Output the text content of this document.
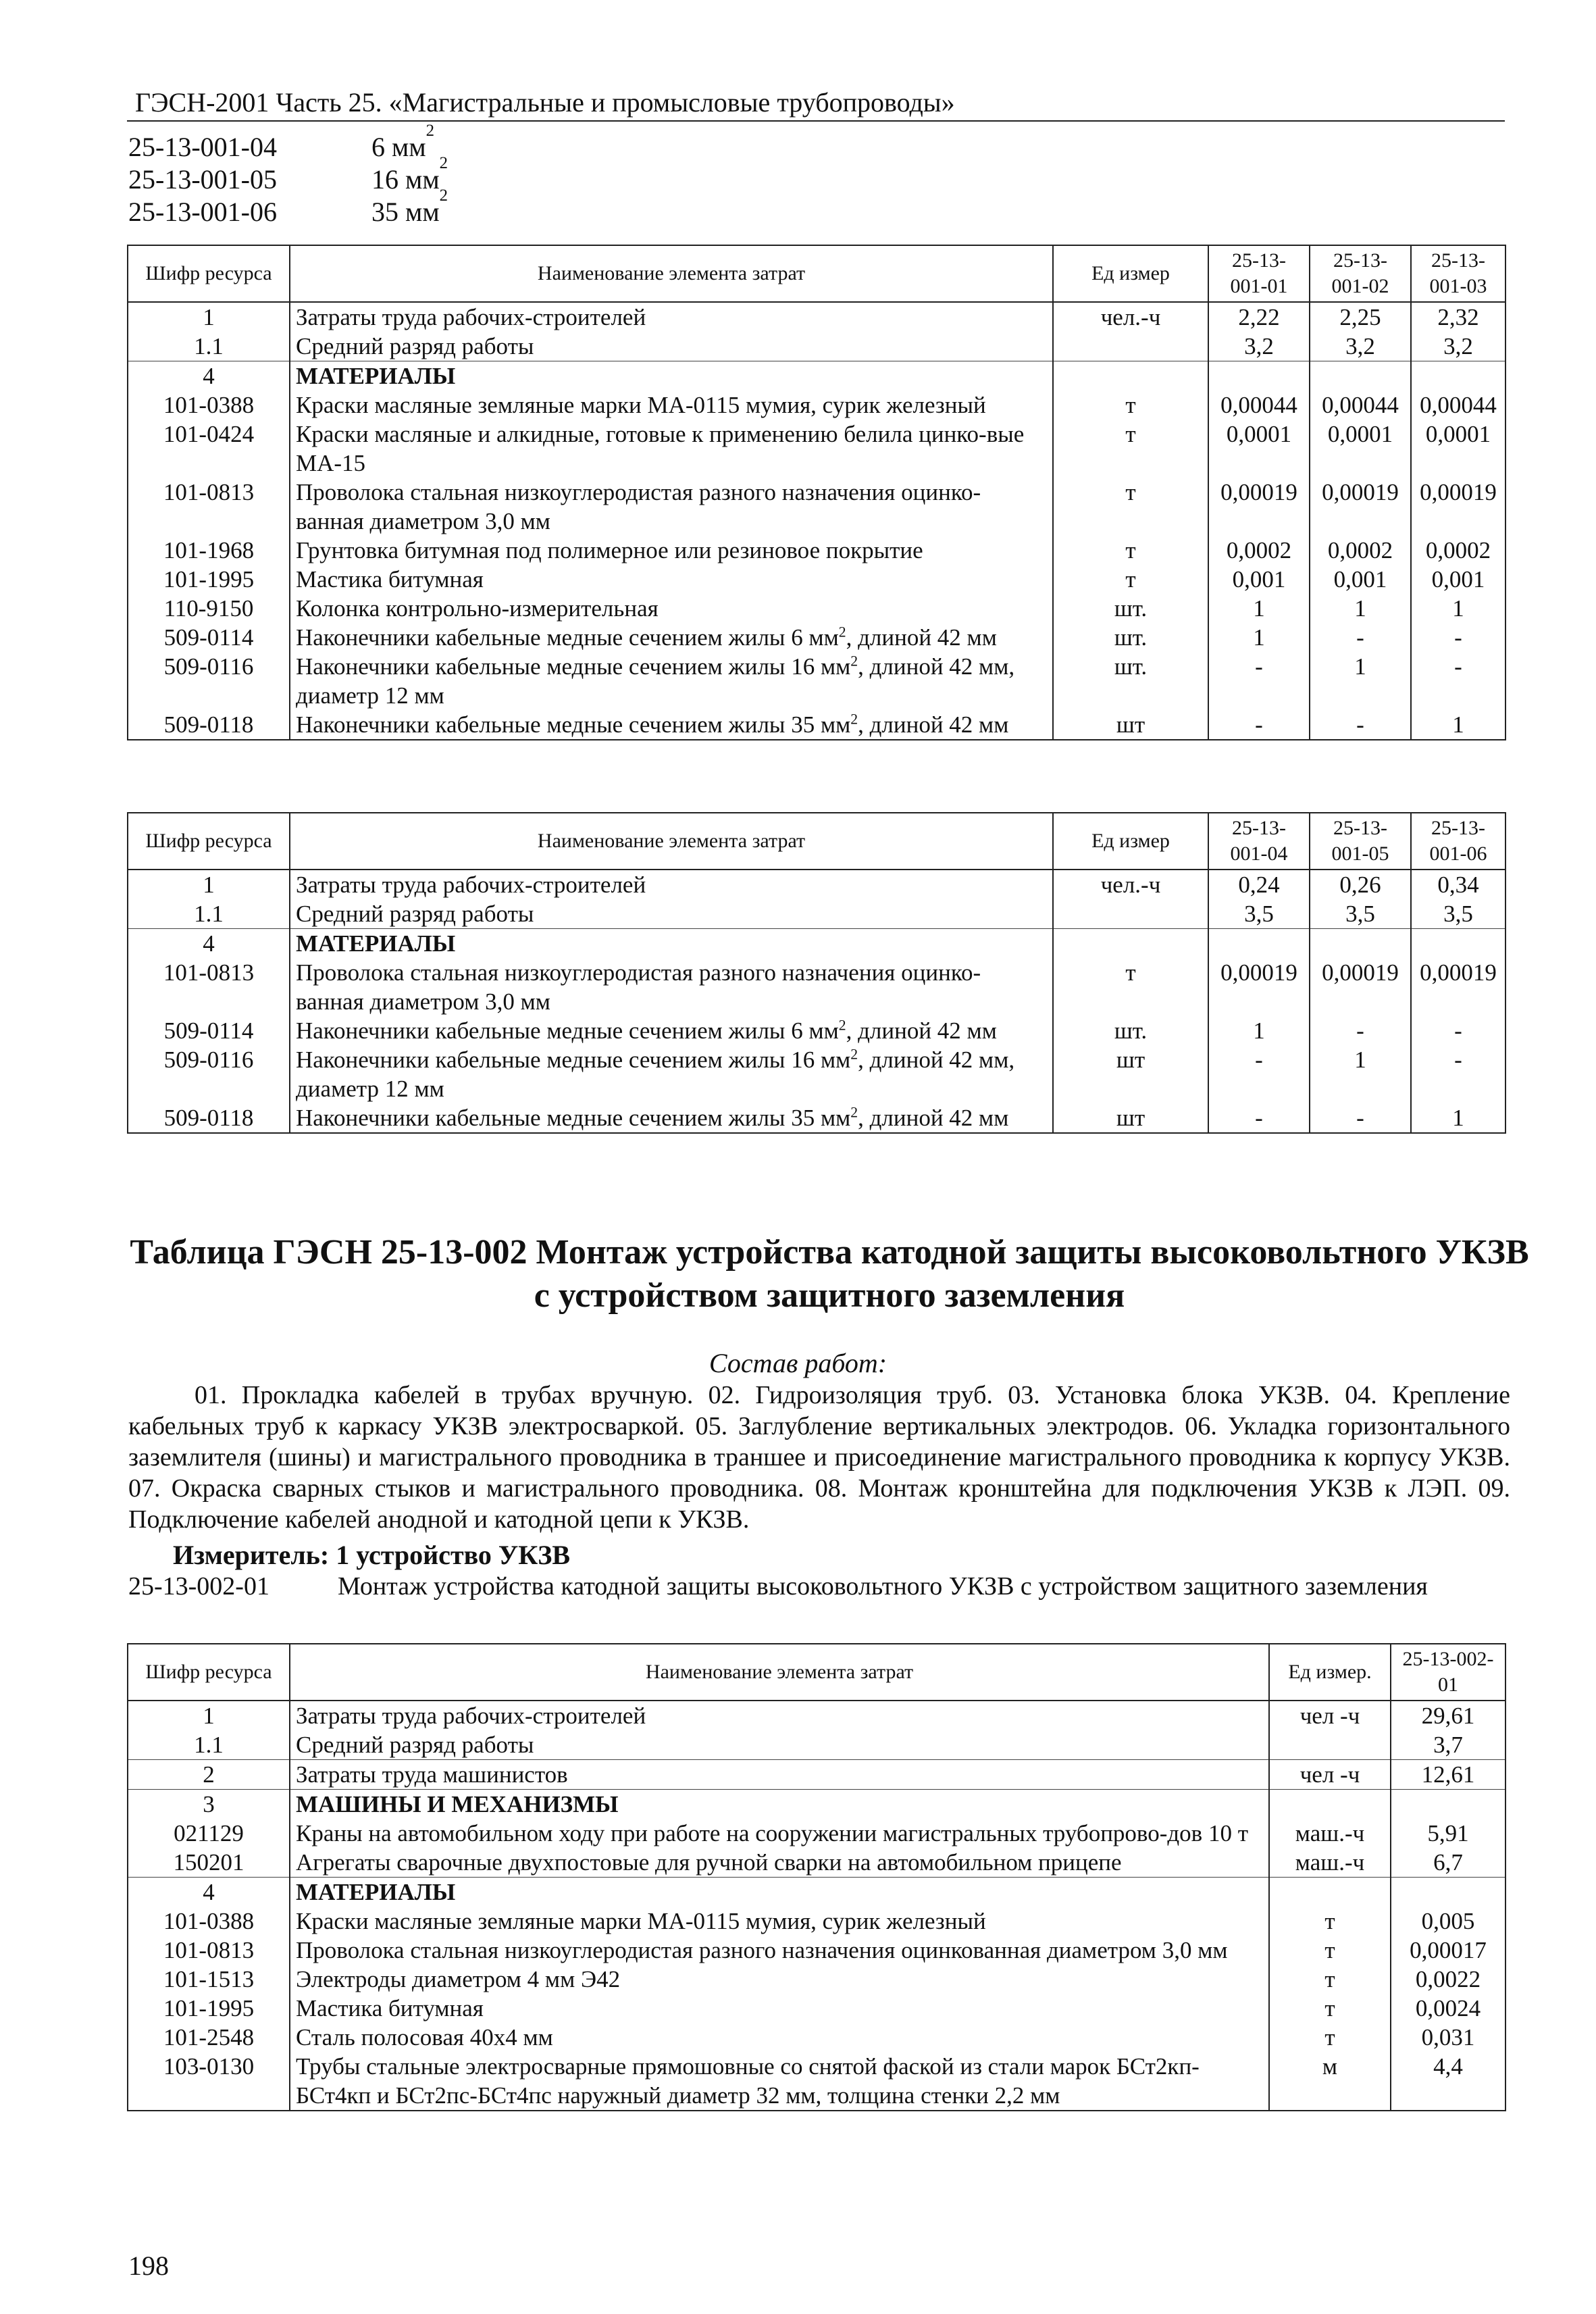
ГЭСН-2001 Часть 25. «Магистральные и промысловые трубопроводы»
25-13-001-04	6 мм
2
25-13-001-05	16 мм
2
25-13-001-06	35 мм
2
Шифр ресурса	Наименование элемента затрат	Ед измер	25-13-001-01	25-13-001-02	25-13-001-03
1	Затраты труда рабочих-строителей	чел.-ч	2,22	2,25	2,32
1.1	Средний разряд работы		3,2	3,2	3,2
4	МАТЕРИАЛЫ				
101-0388	Краски масляные земляные марки МА-0115 мумия, сурик железный	т	0,00044	0,00044	0,00044
101-0424	Краски масляные и алкидные, готовые к применению белила цинко-вые МА-15	т	0,0001	0,0001	0,0001
101-0813	Проволока стальная низкоуглеродистая разного назначения оцинко-ванная диаметром 3,0 мм	т	0,00019	0,00019	0,00019
101-1968	Грунтовка битумная под полимерное или резиновое покрытие	т	0,0002	0,0002	0,0002
101-1995	Мастика битумная	т	0,001	0,001	0,001
110-9150	Колонка контрольно-измерительная	шт.	1	1	1
509-0114	Наконечники кабельные медные сечением жилы 6 $мм^2$, длиной 42 мм	шт.	1	-	-
509-0116	Наконечники кабельные медные сечением жилы 16 $мм^2$, длиной 42 мм, диаметр 12 мм	шт.	-	1	-
509-0118	Наконечники кабельные медные сечением жилы 35 $мм^2$, длиной 42 мм	шт	-	-	1
Шифр ресурса	Наименование элемента затрат	Ед измер	25-13-001-04	25-13-001-05	25-13-001-06
1	Затраты труда рабочих-строителей	чел.-ч	0,24	0,26	0,34
1.1	Средний разряд работы		3,5	3,5	3,5
4	МАТЕРИАЛЫ				
101-0813	Проволока стальная низкоуглеродистая разного назначения оцинко-ванная диаметром 3,0 мм	т	0,00019	0,00019	0,00019
509-0114	Наконечники кабельные медные сечением жилы 6 $мм^2$, длиной 42 мм	шт.	1	-	-
509-0116	Наконечники кабельные медные сечением жилы 16 $мм^2$, длиной 42 мм, диаметр 12 мм	шт	-	1	-
509-0118	Наконечники кабельные медные сечением жилы 35 $мм^2$, длиной 42 мм	шт	-	-	1
Таблица ГЭСН 25-13-002 Монтаж устройства катодной защиты высоковольтного УКЗВ с устройством защитного заземления
Состав работ:
01. Прокладка кабелей в трубах вручную. 02. Гидроизоляция труб. 03. Установка блока УКЗВ. 04. Крепление кабельных труб к каркасу УКЗВ электросваркой. 05. Заглубление вертикальных электродов. 06. Укладка горизонтального заземлителя (шины) и магистрального проводника в траншее и присоединение магистрального проводника к корпусу УКЗВ. 07. Окраска сварных стыков и магистрального проводника. 08. Монтаж кронштейна для подключения УКЗВ к ЛЭП. 09. Подключение кабелей анодной и катодной цепи к УКЗВ.
Измеритель: 1 устройство УКЗВ
25-13-002-01	Монтаж устройства катодной защиты высоковольтного УКЗВ с устройством защитного заземления
Шифр ресурса	Наименование элемента затрат	Ед измер.	25-13-002-01
1	Затраты труда рабочих-строителей	чел -ч	29,61
1.1	Средний разряд работы		3,7
2	Затраты труда машинистов	чел -ч	12,61
3	МАШИНЫ И МЕХАНИЗМЫ		
021129	Краны на автомобильном ходу при работе на сооружении магистральных трубопрово-дов 10 т	маш.-ч	5,91
150201	Агрегаты сварочные двухпостовые для ручной сварки на автомобильном прицепе	маш.-ч	6,7
4	МАТЕРИАЛЫ		
101-0388	Краски масляные земляные марки МА-0115 мумия, сурик железный	т	0,005
101-0813	Проволока стальная низкоуглеродистая разного назначения оцинкованная диаметром 3,0 мм	т	0,00017
101-1513	Электроды диаметром 4 мм Э42	т	0,0022
101-1995	Мастика битумная	т	0,0024
101-2548	Сталь полосовая 40х4 мм	т	0,031
103-0130	Трубы стальные электросварные прямошовные со снятой фаской из стали марок БСт2кп-БСт4кп и БСт2пс-БСт4пс наружный диаметр 32 мм, толщина стенки 2,2 мм	м	4,4
198
